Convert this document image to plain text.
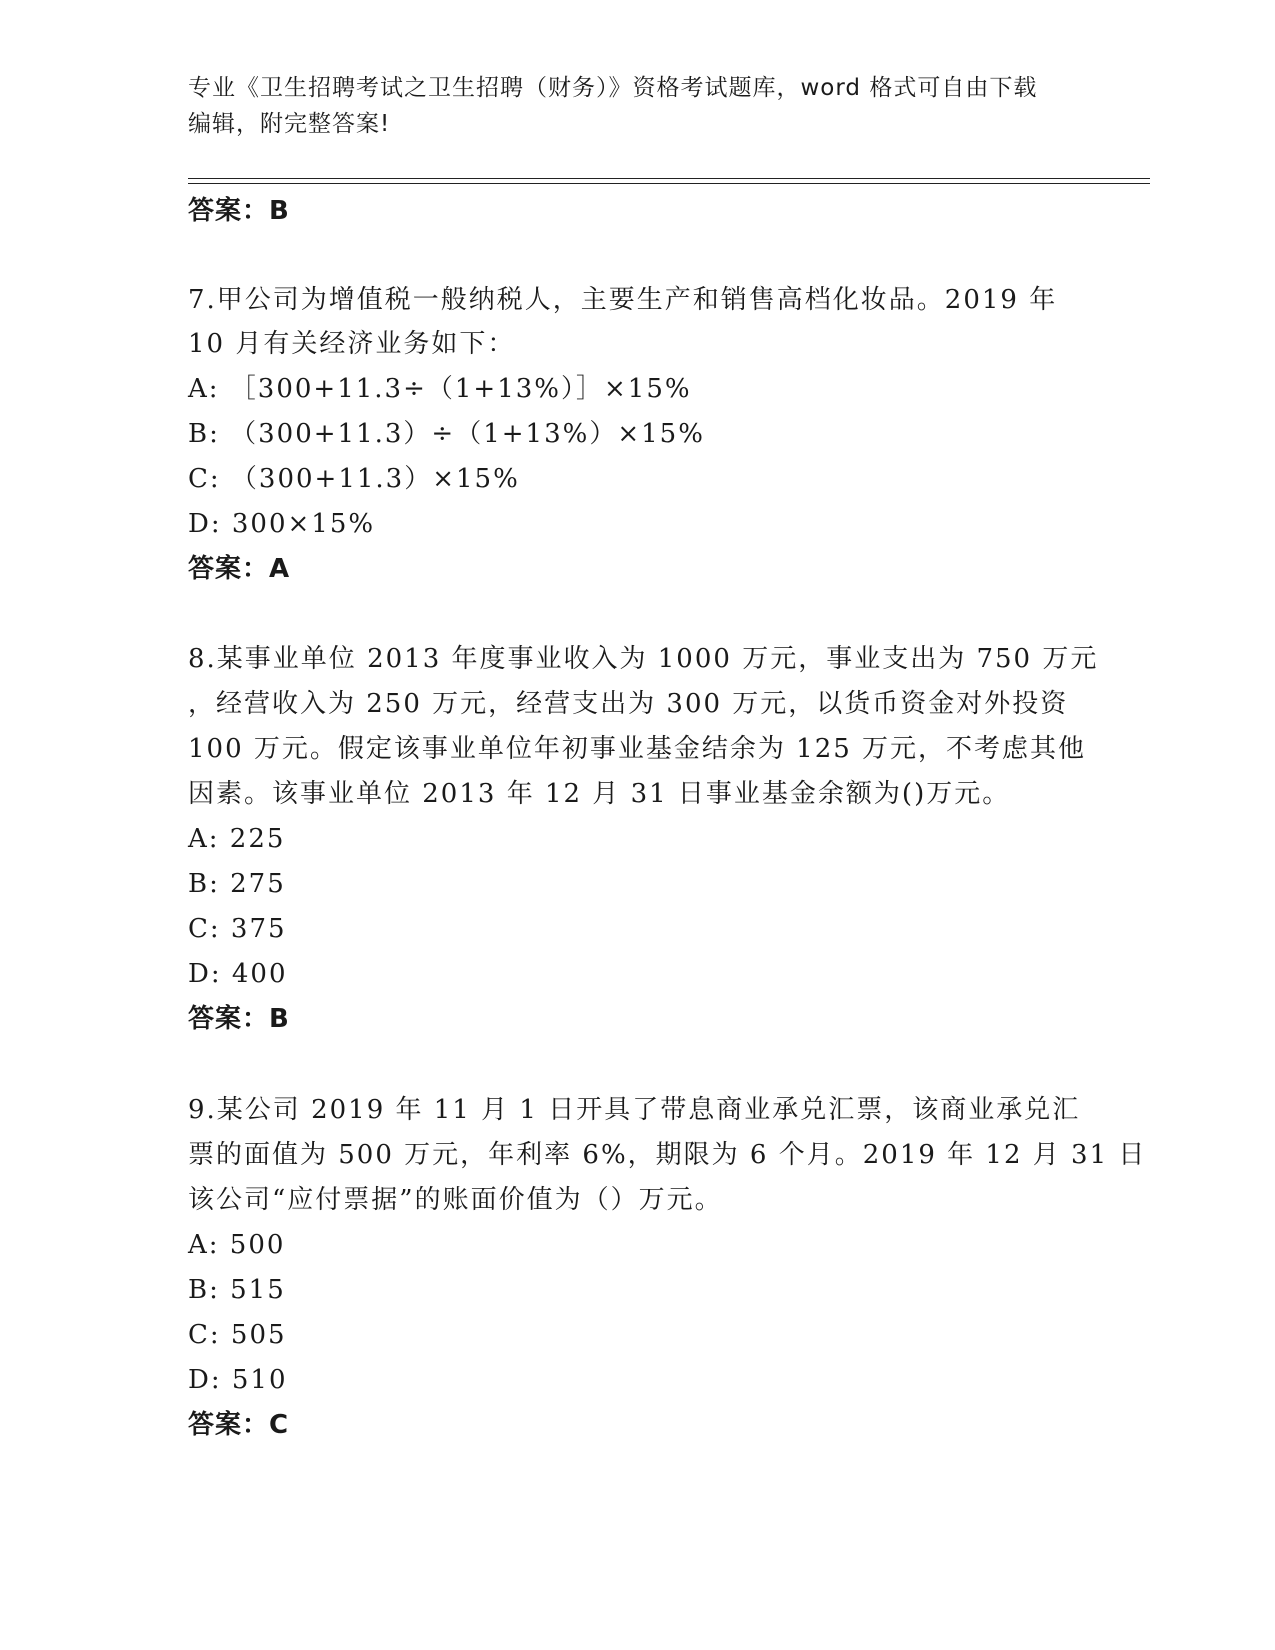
专业《卫生招聘考试之卫生招聘（财务）》资格考试题库，word 格式可自由下载
编辑，附完整答案!
答案：B
7.甲公司为增值税一般纳税人，主要生产和销售高档化妆品。2019 年
10 月有关经济业务如下：
A: ［300+11.3÷（1+13%）］×15%
B: （300+11.3）÷（1+13%）×15%
C: （300+11.3）×15%
D: 300×15%
答案：A
8.某事业单位 2013 年度事业收入为 1000 万元，事业支出为 750 万元
，经营收入为 250 万元，经营支出为 300 万元，以货币资金对外投资
100 万元。假定该事业单位年初事业基金结余为 125 万元，不考虑其他
因素。该事业单位 2013 年 12 月 31 日事业基金余额为()万元。
A: 225
B: 275
C: 375
D: 400
答案：B
9.某公司 2019 年 11 月 1 日开具了带息商业承兑汇票，该商业承兑汇
票的面值为 500 万元，年利率 6%，期限为 6 个月。2019 年 12 月 31 日
该公司“应付票据”的账面价值为（）万元。
A: 500
B: 515
C: 505
D: 510
答案：C
